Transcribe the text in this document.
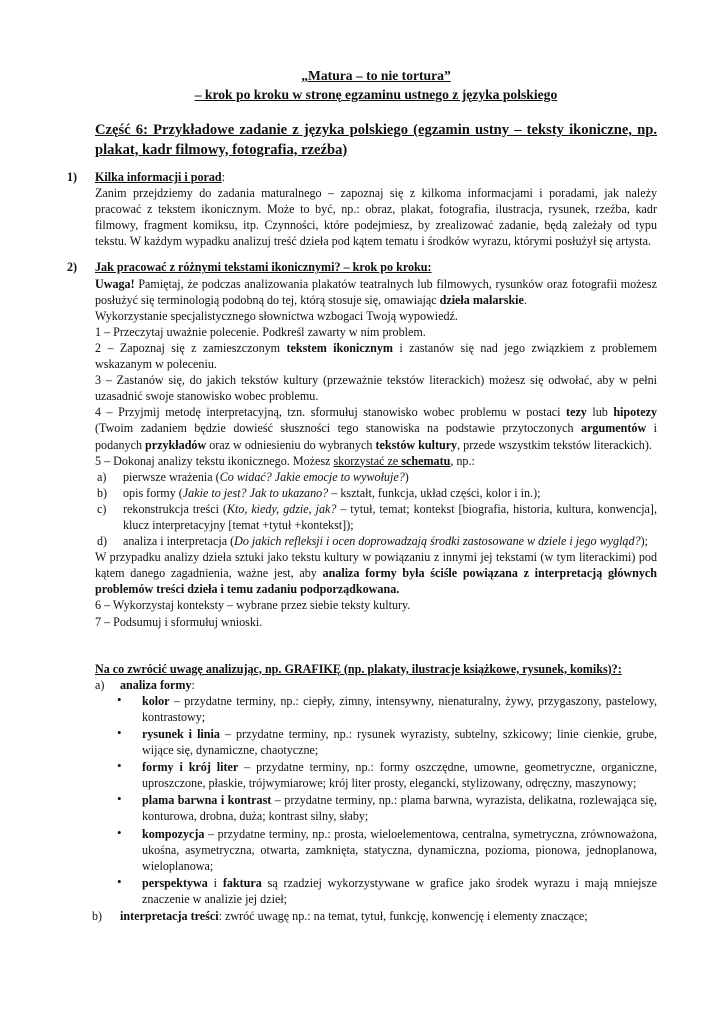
„Matura – to nie tortura”
– krok po kroku w stronę egzaminu ustnego z języka polskiego
Część 6: Przykładowe zadanie z języka polskiego (egzamin ustny – teksty ikoniczne, np. plakat, kadr filmowy, fotografia, rzeźba)
1) Kilka informacji i porad:

Zanim przejdziemy do zadania maturalnego – zapoznaj się z kilkoma informacjami i poradami, jak należy pracować z tekstem ikonicznym. Może to być, np.: obraz, plakat, fotografia, ilustracja, rysunek, rzeźba, kadr filmowy, fragment komiksu, itp. Czynności, które podejmiesz, by zrealizować zadanie, będą zależały od typu tekstu. W każdym wypadku analizuj treść dzieła pod kątem tematu i środków wyrazu, którymi posłużył się artysta.

2) Jak pracować z różnymi tekstami ikonicznymi? – krok po kroku:

Uwaga! Pamiętaj, że podczas analizowania plakatów teatralnych lub filmowych, rysunków oraz fotografii możesz posłużyć się terminologią podobną do tej, którą stosuje się, omawiając dzieła malarskie.

Wykorzystanie specjalistycznego słownictwa wzbogaci Twoją wypowiedź.

1 – Przeczytaj uważnie polecenie. Podkreśl zawarty w nim problem.

2 – Zapoznaj się z zamieszczonym tekstem ikonicznym i zastanów się nad jego związkiem z problemem wskazanym w poleceniu.

3 – Zastanów się, do jakich tekstów kultury (przeważnie tekstów literackich) możesz się odwołać, aby w pełni uzasadnić swoje stanowisko wobec problemu.

4 – Przyjmij metodę interpretacyjną, tzn. sformułuj stanowisko wobec problemu w postaci tezy lub hipotezy (Twoim zadaniem będzie dowieść słuszności tego stanowiska na podstawie przytoczonych argumentów i podanych przykładów oraz w odniesieniu do wybranych tekstów kultury, przede wszystkim tekstów literackich).

5 – Dokonaj analizy tekstu ikonicznego. Możesz skorzystać ze schematu, np.:

a) pierwsze wrażenia (Co widać? Jakie emocje to wywołuje?)
b) opis formy (Jakie to jest? Jak to ukazano? – kształt, funkcja, układ części, kolor i in.);
c) rekonstrukcja treści (Kto, kiedy, gdzie, jak? – tytuł, temat; kontekst [biografia, historia, kultura, konwencja], klucz interpretacyjny [temat +tytuł +kontekst]);
d) analiza i interpretacja (Do jakich refleksji i ocen doprowadzają środki zastosowane w dziele i jego wygląd?);

W przypadku analizy dzieła sztuki jako tekstu kultury w powiązaniu z innymi jej tekstami (w tym literackimi) pod kątem danego zagadnienia, ważne jest, aby analiza formy była ściśle powiązana z interpretacją głównych problemów treści dzieła i temu zadaniu podporządkowana.

6 – Wykorzystaj konteksty – wybrane przez siebie teksty kultury.

7 – Podsumuj i sformułuj wnioski.

Na co zwrócić uwagę analizując, np. GRAFIKĘ (np. plakaty, ilustracje książkowe, rysunek, komiks)?:
a) analiza formy:
• kolor – przydatne terminy, np.: ciepły, zimny, intensywny, nienaturalny, żywy, przygaszony, pastelowy, kontrastowy;
• rysunek i linia – przydatne terminy, np.: rysunek wyrazisty, subtelny, szkicowy; linie cienkie, grube, wijące się, dynamiczne, chaotyczne;
• formy i krój liter – przydatne terminy, np.: formy oszczędne, umowne, geometryczne, organiczne, uproszczone, płaskie, trójwymiarowe; krój liter prosty, elegancki, stylizowany, odręczny, maszynowy;
• plama barwna i kontrast – przydatne terminy, np.: plama barwna, wyrazista, delikatna, rozlewająca się, konturowa, drobna, duża; kontrast silny, słaby;
• kompozycja – przydatne terminy, np.: prosta, wieloelementowa, centralna, symetryczna, zrównoważona, ukośna, asymetryczna, otwarta, zamknięta, statyczna, dynamiczna, pozioma, pionowa, jednoplanowa, wieloplanowa;
• perspektywa i faktura są rzadziej wykorzystywane w grafice jako środek wyrazu i mają mniejsze znaczenie w analizie jej dzieł;
b) interpretacja treści: zwróć uwagę np.: na temat, tytuł, funkcję, konwencję i elementy znaczące;
